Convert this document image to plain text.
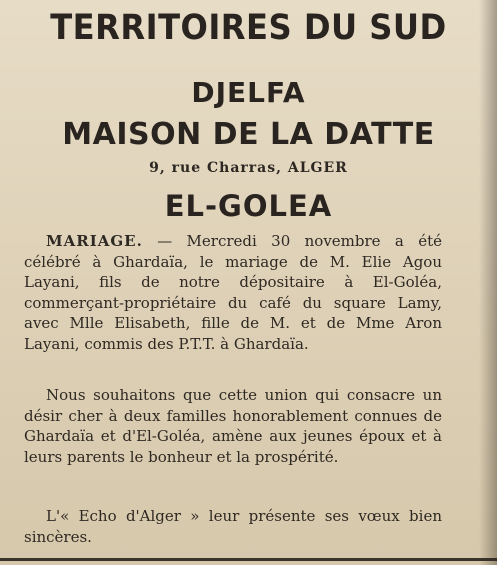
TERRITOIRES DU SUD
DJELFA
MAISON DE LA DATTE
9, rue Charras, ALGER
EL-GOLEA
MARIAGE. — Mercredi 30 novembre a été célébré à Ghardaïa, le mariage de M. Elie Agou Layani, fils de notre dépositaire à El-Goléa, commerçant-propriétaire du café du square Lamy, avec Mlle Elisabeth, fille de M. et de Mme Aron Layani, commis des P.T.T. à Ghardaïa.
Nous souhaitons que cette union qui consacre un désir cher à deux familles honorablement connues de Ghardaïa et d'El-Goléa, amène aux jeunes époux et à leurs parents le bonheur et la prospérité.
L'« Echo d'Alger » leur présente ses vœux bien sincères.
